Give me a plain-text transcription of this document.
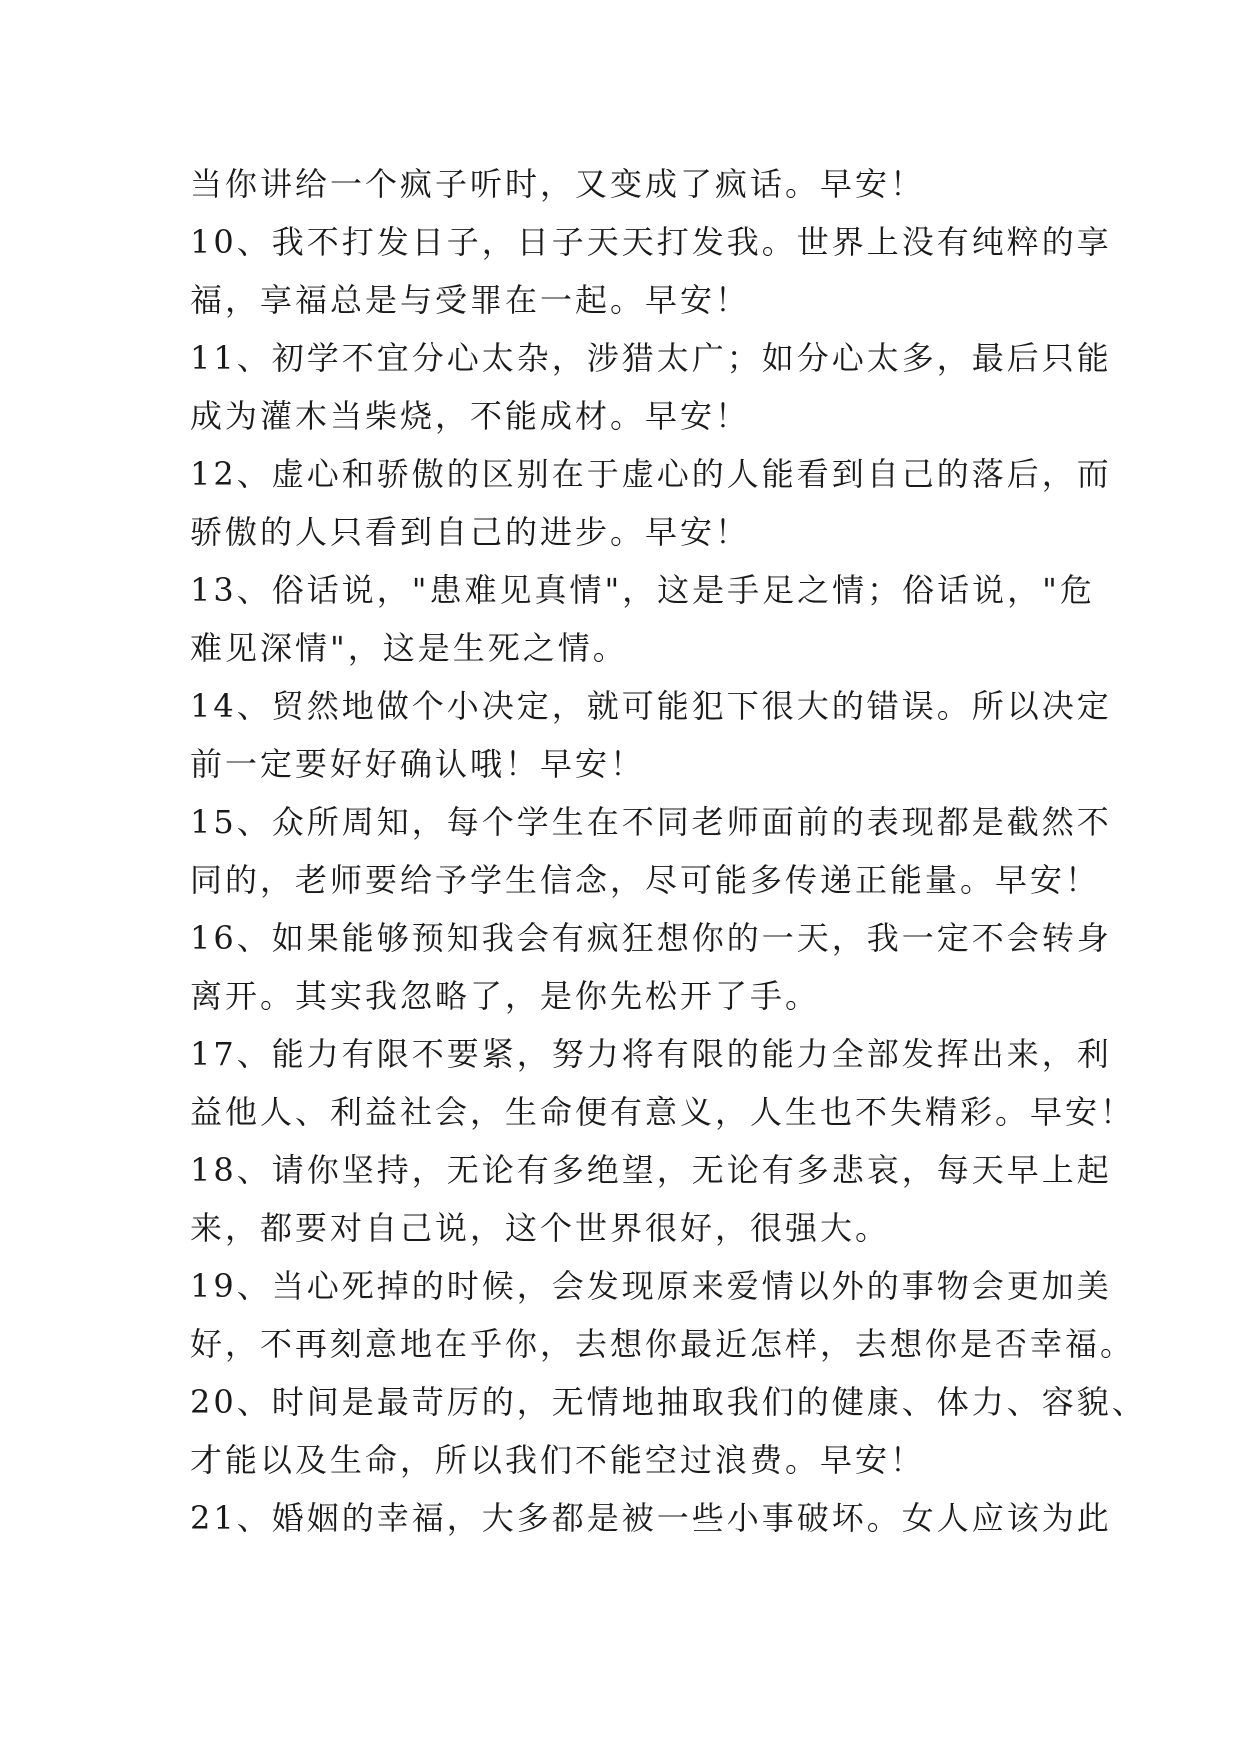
当你讲给一个疯子听时，又变成了疯话。早安！
10、我不打发日子，日子天天打发我。世界上没有纯粹的享
福，享福总是与受罪在一起。早安！
11、初学不宜分心太杂，涉猎太广；如分心太多，最后只能
成为灌木当柴烧，不能成材。早安！
12、虚心和骄傲的区别在于虚心的人能看到自己的落后，而
骄傲的人只看到自己的进步。早安！
13、俗话说，"患难见真情"，这是手足之情；俗话说，"危
难见深情"，这是生死之情。
14、贸然地做个小决定，就可能犯下很大的错误。所以决定
前一定要好好确认哦！早安！
15、众所周知，每个学生在不同老师面前的表现都是截然不
同的，老师要给予学生信念，尽可能多传递正能量。早安！
16、如果能够预知我会有疯狂想你的一天，我一定不会转身
离开。其实我忽略了，是你先松开了手。
17、能力有限不要紧，努力将有限的能力全部发挥出来，利
益他人、利益社会，生命便有意义，人生也不失精彩。早安！
18、请你坚持，无论有多绝望，无论有多悲哀，每天早上起
来，都要对自己说，这个世界很好，很强大。
19、当心死掉的时候，会发现原来爱情以外的事物会更加美
好，不再刻意地在乎你，去想你最近怎样，去想你是否幸福。
20、时间是最苛厉的，无情地抽取我们的健康、体力、容貌、
才能以及生命，所以我们不能空过浪费。早安！
21、婚姻的幸福，大多都是被一些小事破坏。女人应该为此
